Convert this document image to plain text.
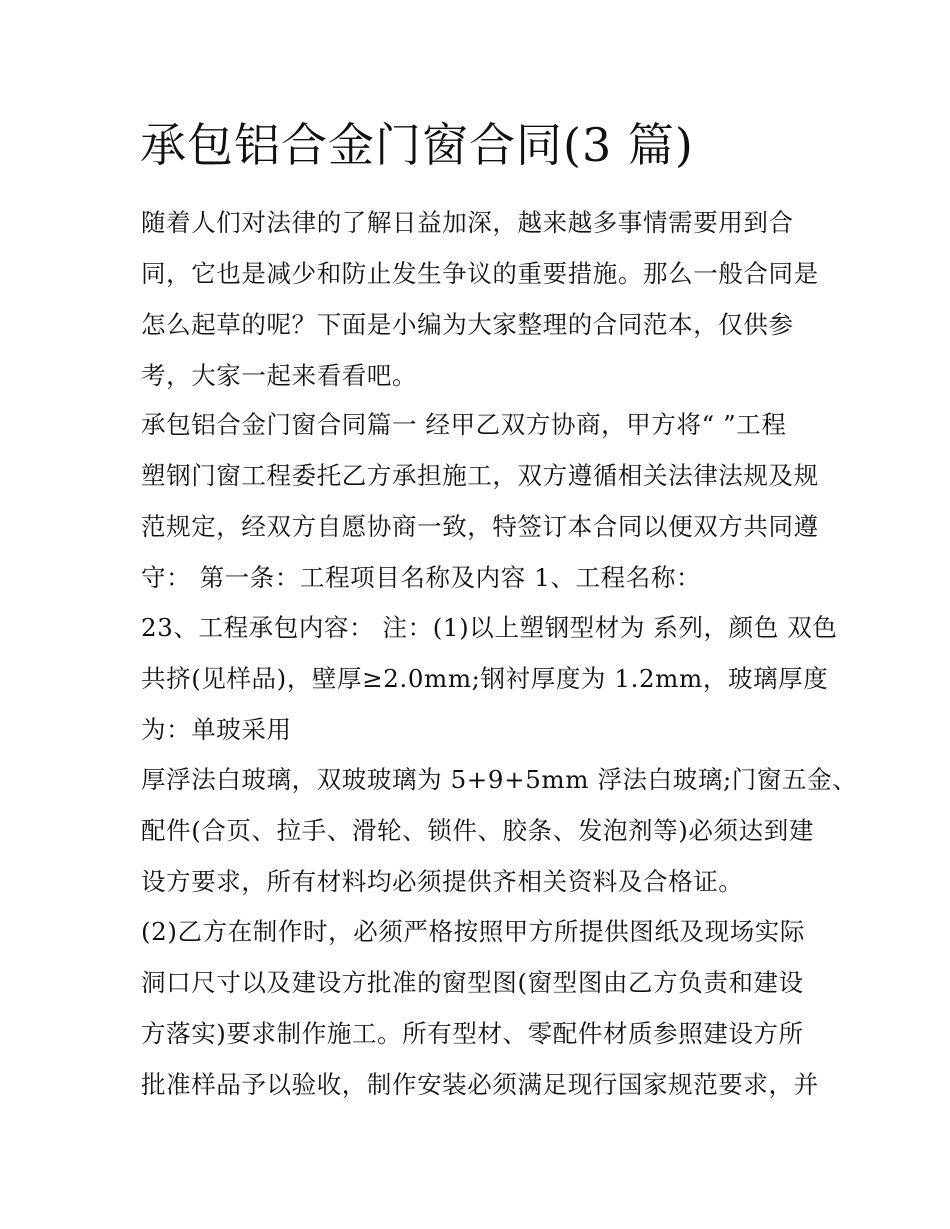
承包铝合金门窗合同(3 篇)

随着人们对法律的了解日益加深，越来越多事情需要用到合

同，它也是减少和防止发生争议的重要措施。那么一般合同是

怎么起草的呢？下面是小编为大家整理的合同范本，仅供参

考，大家一起来看看吧。

承包铝合金门窗合同篇一 经甲乙双方协商，甲方将“ ”工程

塑钢门窗工程委托乙方承担施工，双方遵循相关法律法规及规

范规定，经双方自愿协商一致，特签订本合同以便双方共同遵

守： 第一条：工程项目名称及内容 1、工程名称：

23、工程承包内容： 注：(1)以上塑钢型材为 系列，颜色 双色

共挤(见样品)，壁厚≥2.0mm;钢衬厚度为 1.2mm，玻璃厚度

为：单玻采用

厚浮法白玻璃，双玻玻璃为 5+9+5mm 浮法白玻璃;门窗五金、

配件(合页、拉手、滑轮、锁件、胶条、发泡剂等)必须达到建

设方要求，所有材料均必须提供齐相关资料及合格证。

(2)乙方在制作时，必须严格按照甲方所提供图纸及现场实际

洞口尺寸以及建设方批准的窗型图(窗型图由乙方负责和建设

方落实)要求制作施工。所有型材、零配件材质参照建设方所

批准样品予以验收，制作安装必须满足现行国家规范要求，并
